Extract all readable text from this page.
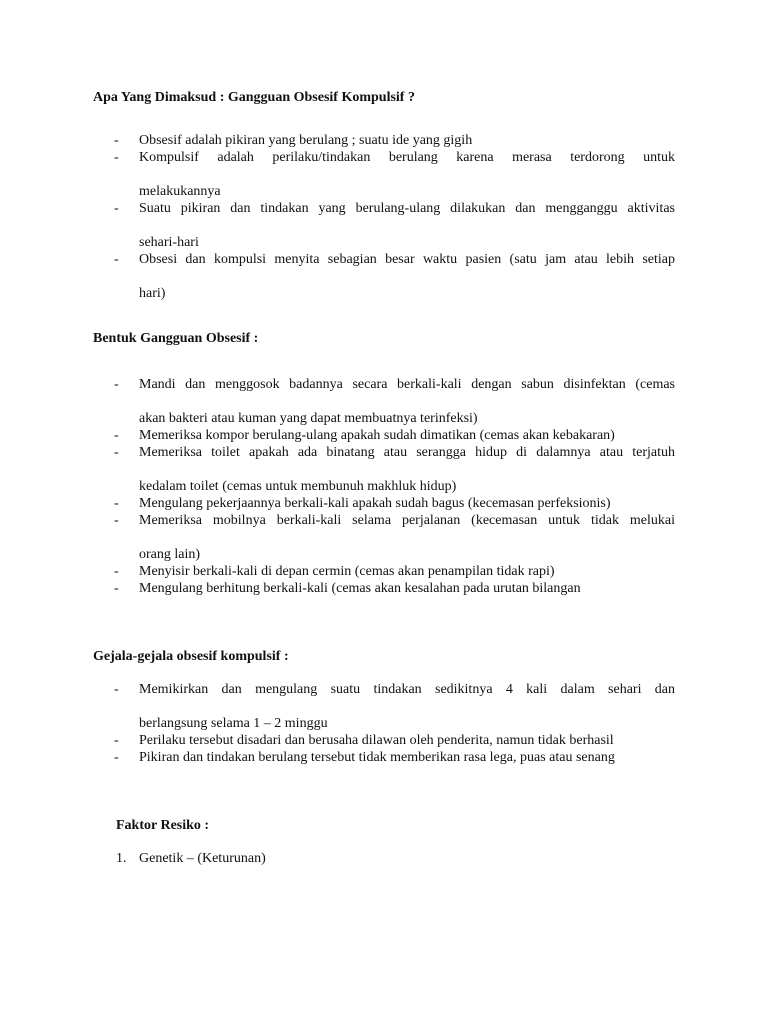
Apa Yang Dimaksud : Gangguan Obsesif Kompulsif ?
- Obsesif adalah pikiran yang berulang ; suatu ide yang gigih
- Kompulsif adalah perilaku/tindakan berulang karena merasa terdorong untuk
melakukannya
- Suatu pikiran dan tindakan yang berulang-ulang dilakukan dan mengganggu aktivitas
sehari-hari
- Obsesi dan kompulsi menyita sebagian besar waktu pasien (satu jam atau lebih setiap
hari)
Bentuk Gangguan Obsesif :
- Mandi dan menggosok badannya secara berkali-kali dengan sabun disinfektan (cemas
akan bakteri atau kuman yang dapat membuatnya terinfeksi)
- Memeriksa kompor berulang-ulang apakah sudah dimatikan (cemas akan kebakaran)
- Memeriksa toilet apakah ada binatang atau serangga hidup di dalamnya atau terjatuh
kedalam toilet (cemas untuk membunuh makhluk hidup)
- Mengulang pekerjaannya berkali-kali apakah sudah bagus (kecemasan perfeksionis)
- Memeriksa mobilnya berkali-kali selama perjalanan (kecemasan untuk tidak melukai
orang lain)
- Menyisir berkali-kali di depan cermin (cemas akan penampilan tidak rapi)
- Mengulang berhitung berkali-kali (cemas akan kesalahan pada urutan bilangan
Gejala-gejala obsesif kompulsif :
- Memikirkan dan mengulang suatu tindakan sedikitnya 4 kali dalam sehari dan
berlangsung selama 1 – 2 minggu
- Perilaku tersebut disadari dan berusaha dilawan oleh penderita, namun tidak berhasil
- Pikiran dan tindakan berulang tersebut tidak memberikan rasa lega, puas atau senang
Faktor Resiko :
1. Genetik – (Keturunan)
